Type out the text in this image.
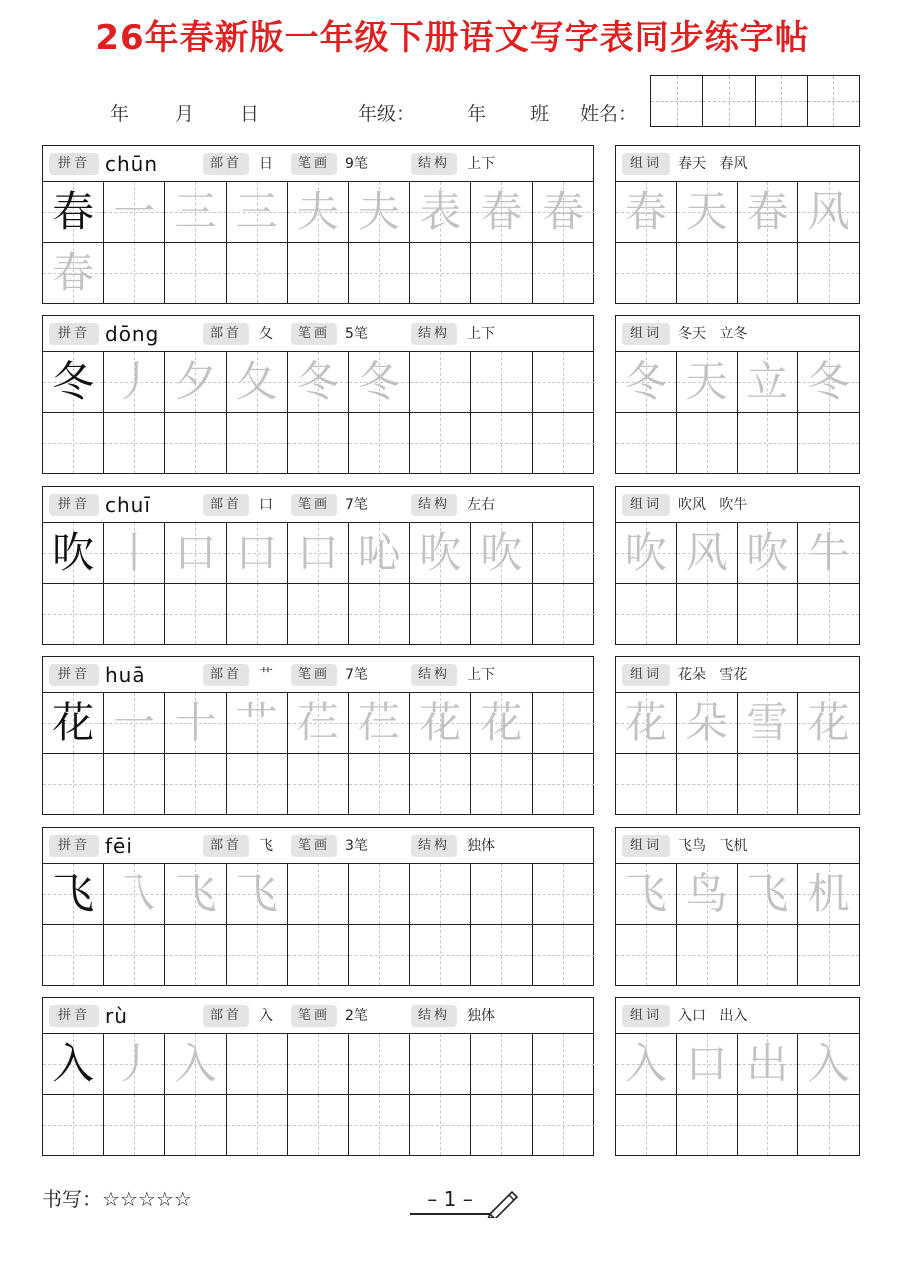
26年春新版一年级下册语文写字表同步练字帖
年 月 日	年级：	年 班 姓名：
拼音 chūn	部首	日	笔画	9笔	结构	上下
春 一 三 三 夫 夫 表 春 春
春
组词	春天   春风
春 天 春 风
拼音 dōng	部首	夂	笔画	5笔	结构	上下
冬 丿 夕 夂 冬 冬
组词	冬天   立冬
冬 天 立 冬
拼音 chuī	部首	口	笔画	7笔	结构	左右
吹 丨 口 口 口 吣 吹 吹
组词	吹风   吹牛
吹 风 吹 牛
拼音 huā	部首	艹	笔画	7笔	结构	上下
花 一 十 艹 芢 芢 花 花
组词	花朵   雪花
花 朵 雪 花
拼音 fēi	部首	飞	笔画	3笔	结构	独体
飞 乁 飞 飞
组词	飞鸟   飞机
飞 鸟 飞 机
拼音 rù	部首	入	笔画	2笔	结构	独体
入 丿 入
组词	入口   出入
入 口 出 入
书写：☆☆☆☆☆	– 1 –
